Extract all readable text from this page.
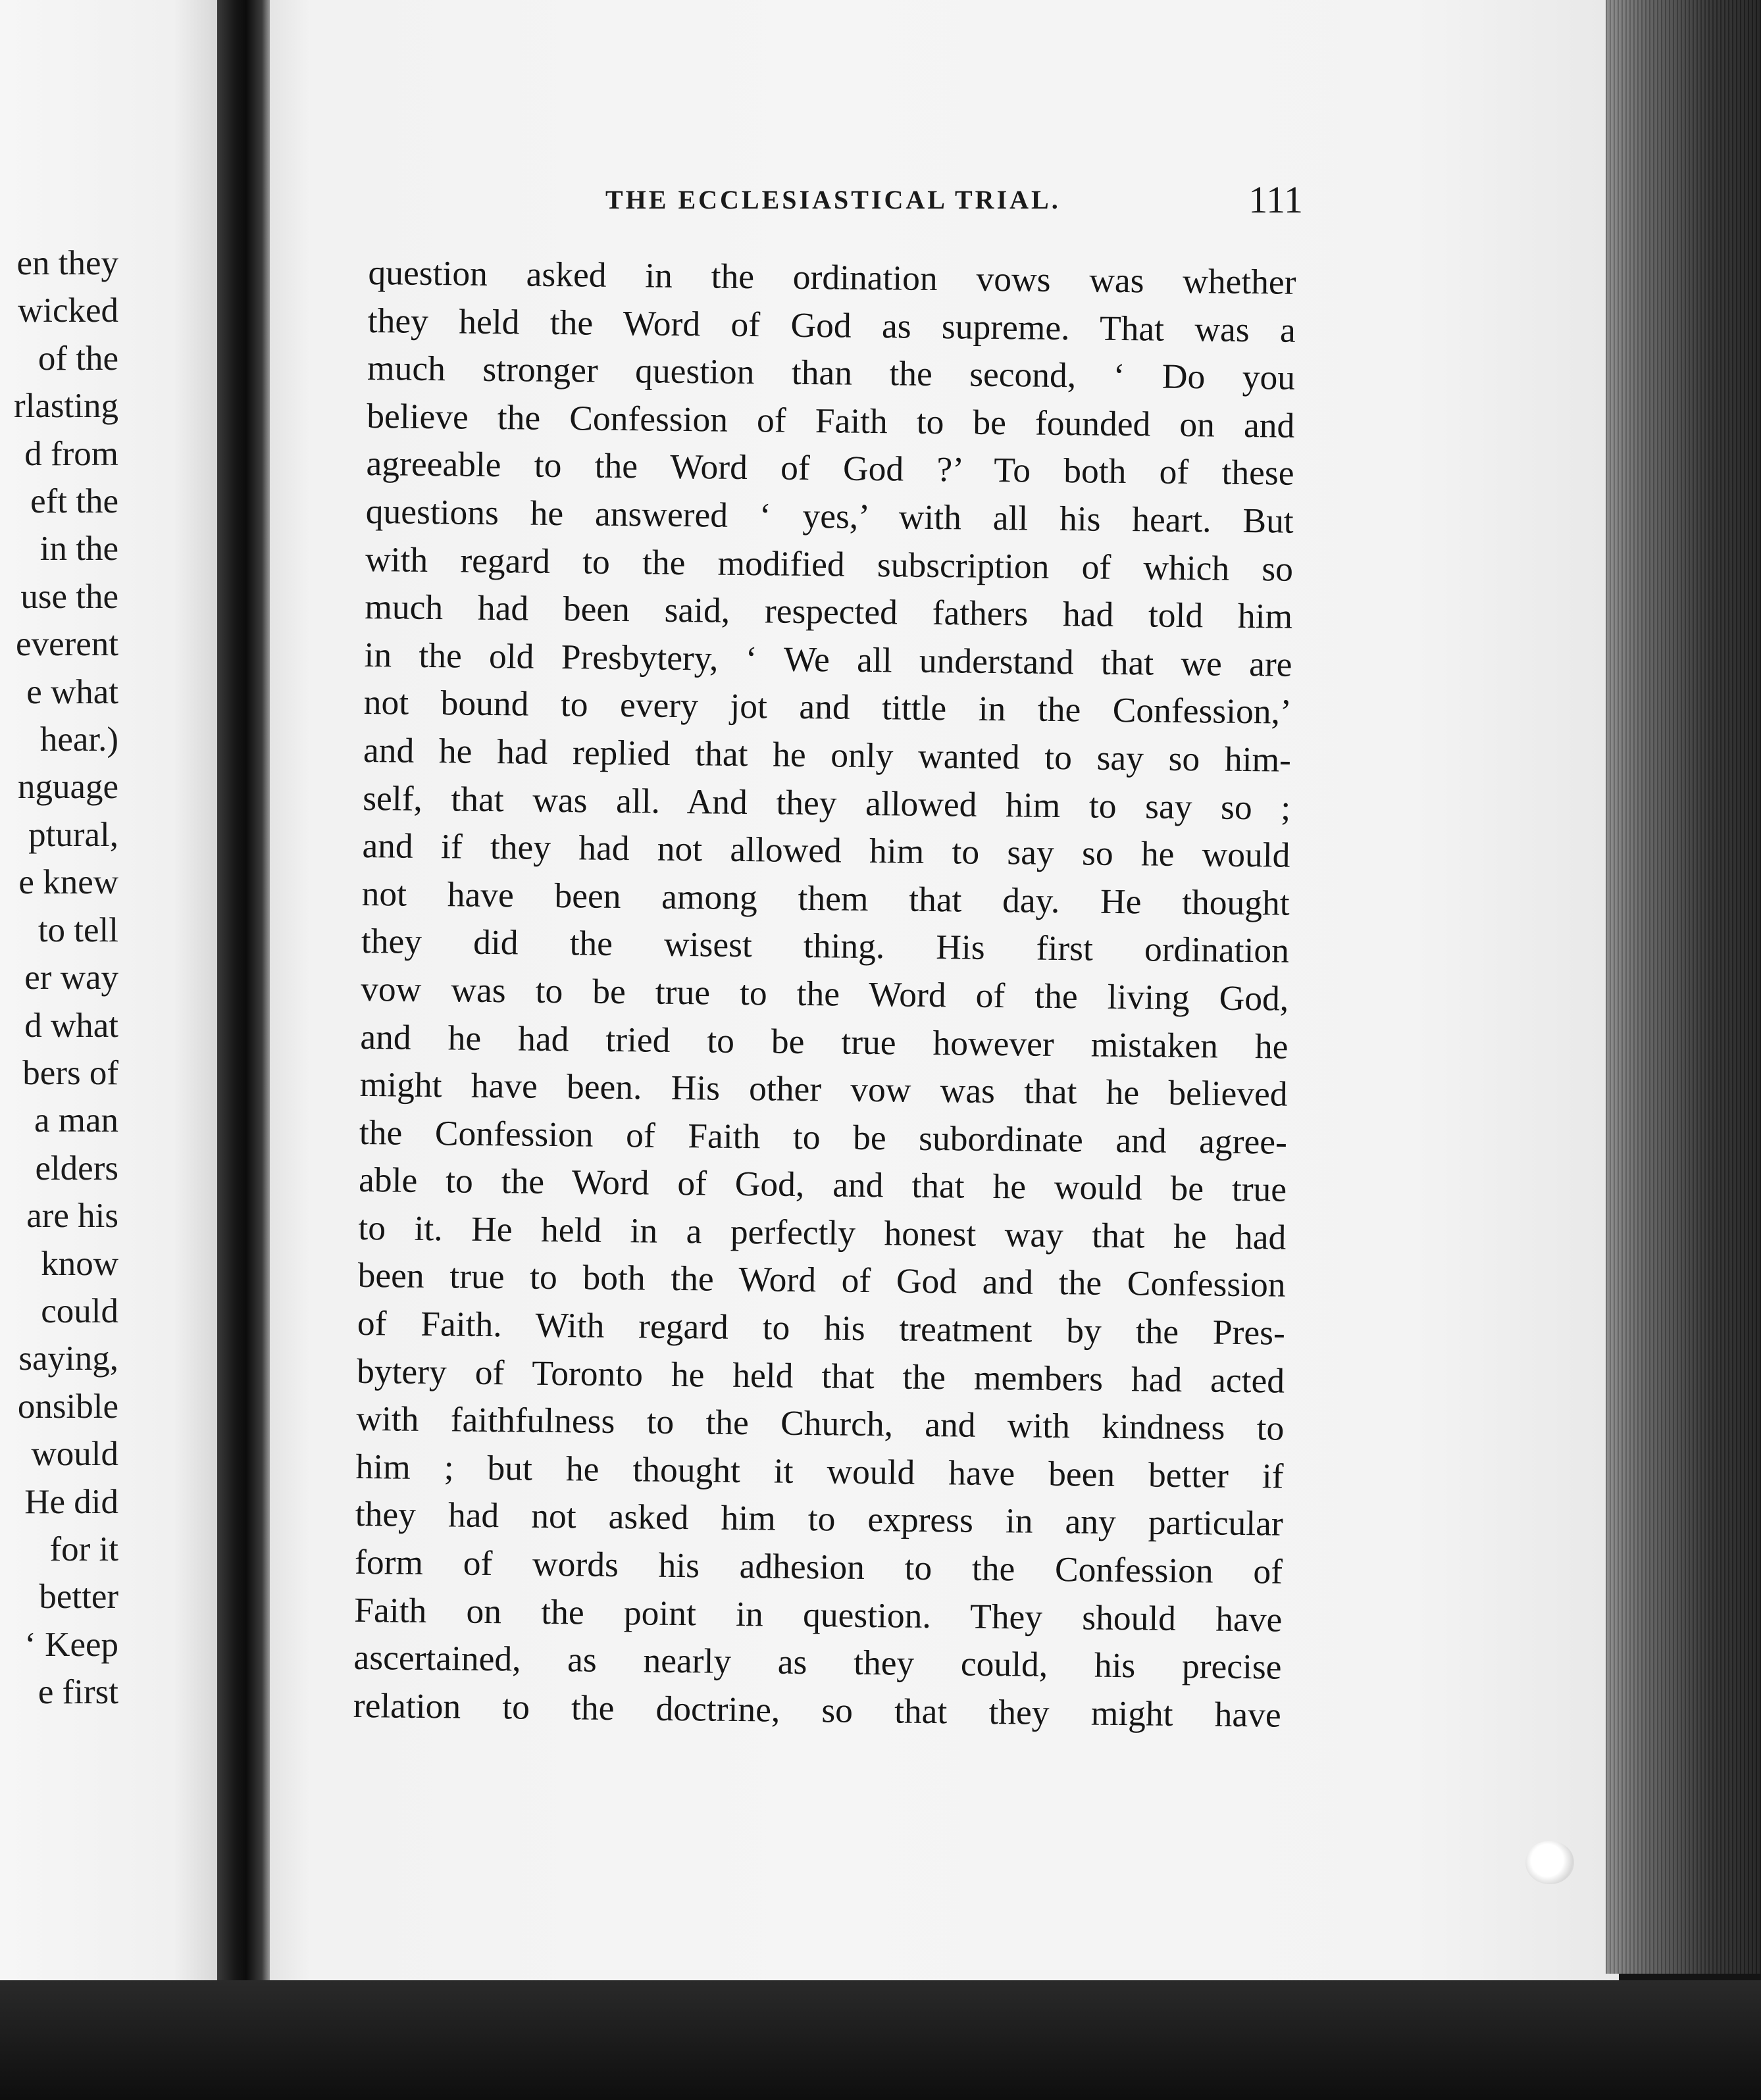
en they
wicked
of the
rlasting
d from
eft the
in the
use the
everent
e what
hear.)
nguage
ptural,
e knew
to tell
er way
d what
bers of
a man
elders
are his
know
could
saying,
onsible
would
He did
for it
better
‘ Keep
e first
THE ECCLESIASTICAL TRIAL.	111
question asked in the ordination vows was whether
they held the Word of God as supreme. That was a
much stronger question than the second, ‘ Do you
believe the Confession of Faith to be founded on and
agreeable to the Word of God ?’ To both of these
questions he answered ‘ yes,’ with all his heart. But
with regard to the modified subscription of which so
much had been said, respected fathers had told him
in the old Presbytery, ‘ We all understand that we are
not bound to every jot and tittle in the Confession,’
and he had replied that he only wanted to say so him-
self, that was all. And they allowed him to say so ;
and if they had not allowed him to say so he would
not have been among them that day. He thought
they did the wisest thing. His first ordination
vow was to be true to the Word of the living God,
and he had tried to be true however mistaken he
might have been. His other vow was that he believed
the Confession of Faith to be subordinate and agree-
able to the Word of God, and that he would be true
to it. He held in a perfectly honest way that he had
been true to both the Word of God and the Confession
of Faith. With regard to his treatment by the Pres-
bytery of Toronto he held that the members had acted
with faithfulness to the Church, and with kindness to
him ; but he thought it would have been better if
they had not asked him to express in any particular
form of words his adhesion to the Confession of
Faith on the point in question. They should have
ascertained, as nearly as they could, his precise
relation to the doctrine, so that they might have
